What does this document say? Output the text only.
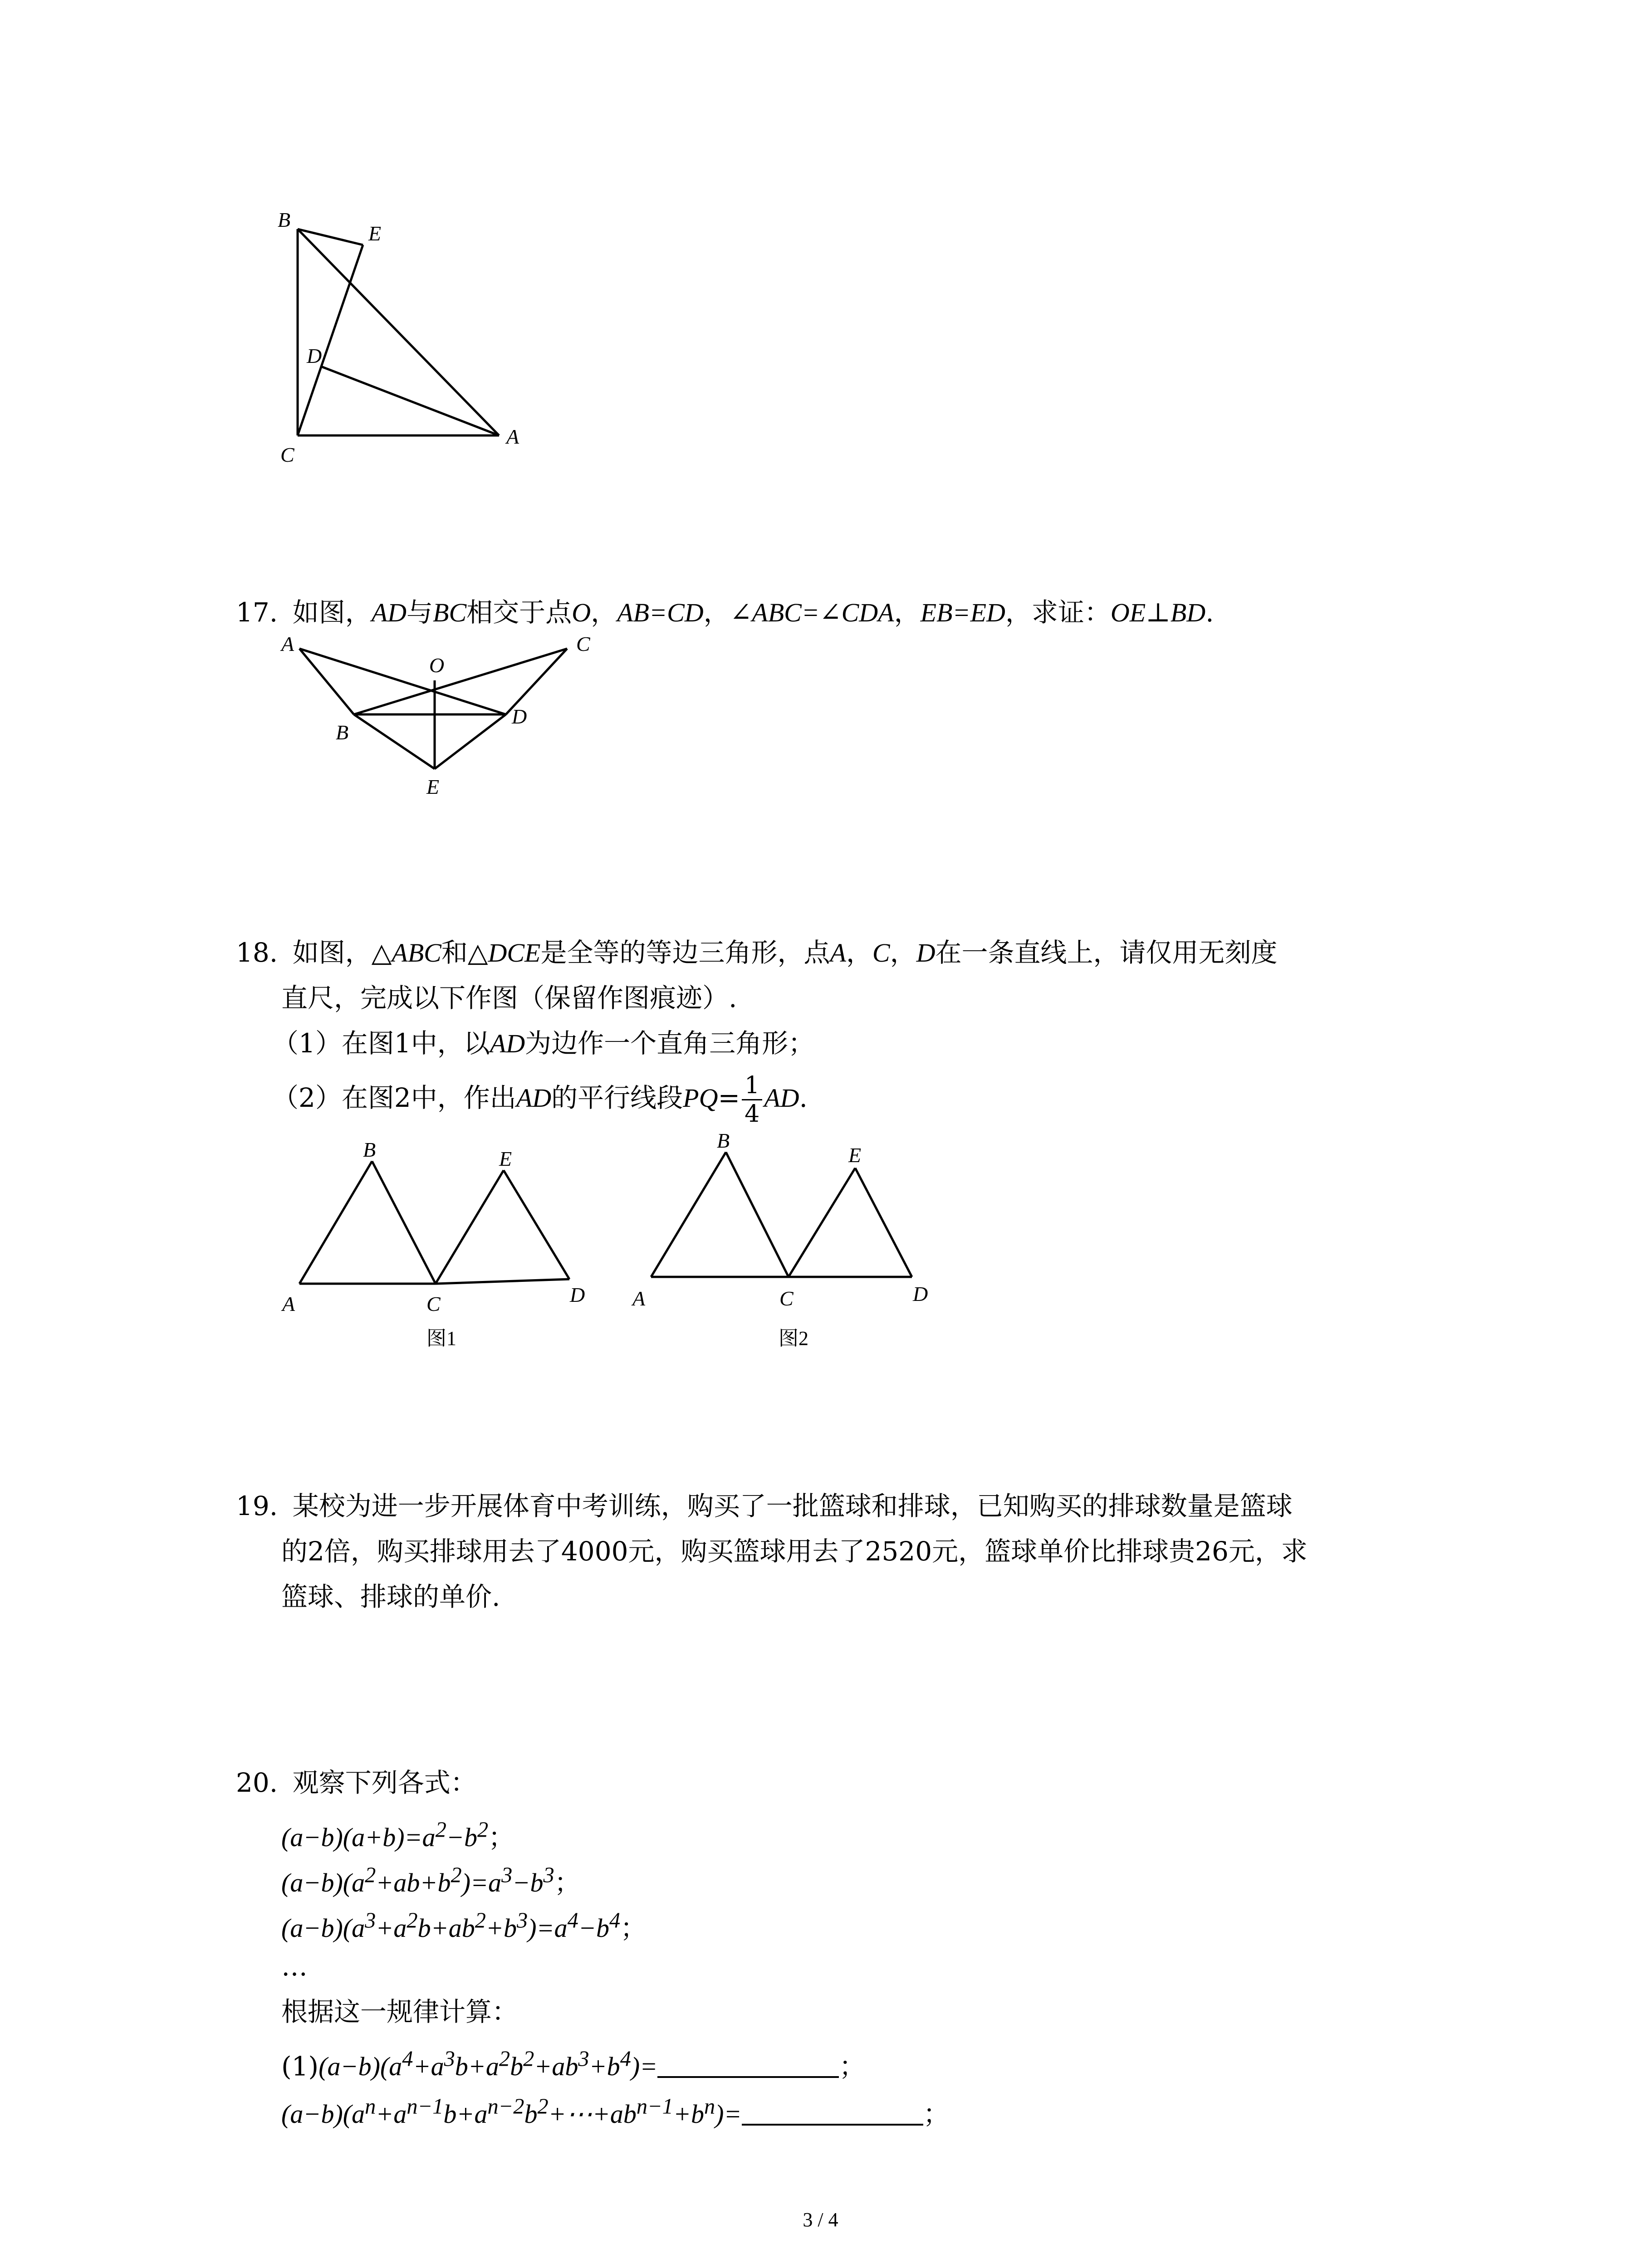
B
E
D
C
A
17. 如图，AD与BC相交于点O，AB=CD，∠ABC=∠CDA，EB=ED，求证：OE⊥BD.
A	C
O
B
D
E
18. 如图，△ABC和△DCE是全等的等边三角形，点A，C，D在一条直线上，请仅用无刻度
直尺，完成以下作图（保留作图痕迹）.
（1）在图1中，以AD为边作一个直角三角形；
（2）在图2中，作出AD的平行线段$PQ= \frac{1}{4}$ AD.
B	E
A	C	D
图1
B
E
A	C	D
图2
19. 某校为进一步开展体育中考训练，购买了一批篮球和排球，已知购买的排球数量是篮球
的2倍，购买排球用去了4000元，购买篮球用去了2520元，篮球单价比排球贵26元，求
篮球、排球的单价.
20. 观察下列各式：
$(a-b)(a+b)=a^2-b^2$；
$(a-b)(a^2+ab+b^2)=a^3-b^3$；
$(a-b)(a^3+a^2b+ab^2+b^3)=a^4-b^4$；
…
根据这一规律计算：
$(1)(a-b)(a^4+a^3b+a^2b^2+ab^3+b^4)=$	；
$(a-b)(a^n+a^{n-1}b+a^{n-2}b^2+\cdots+ab^{n-1}+b^n)=$	；
3 / 4
